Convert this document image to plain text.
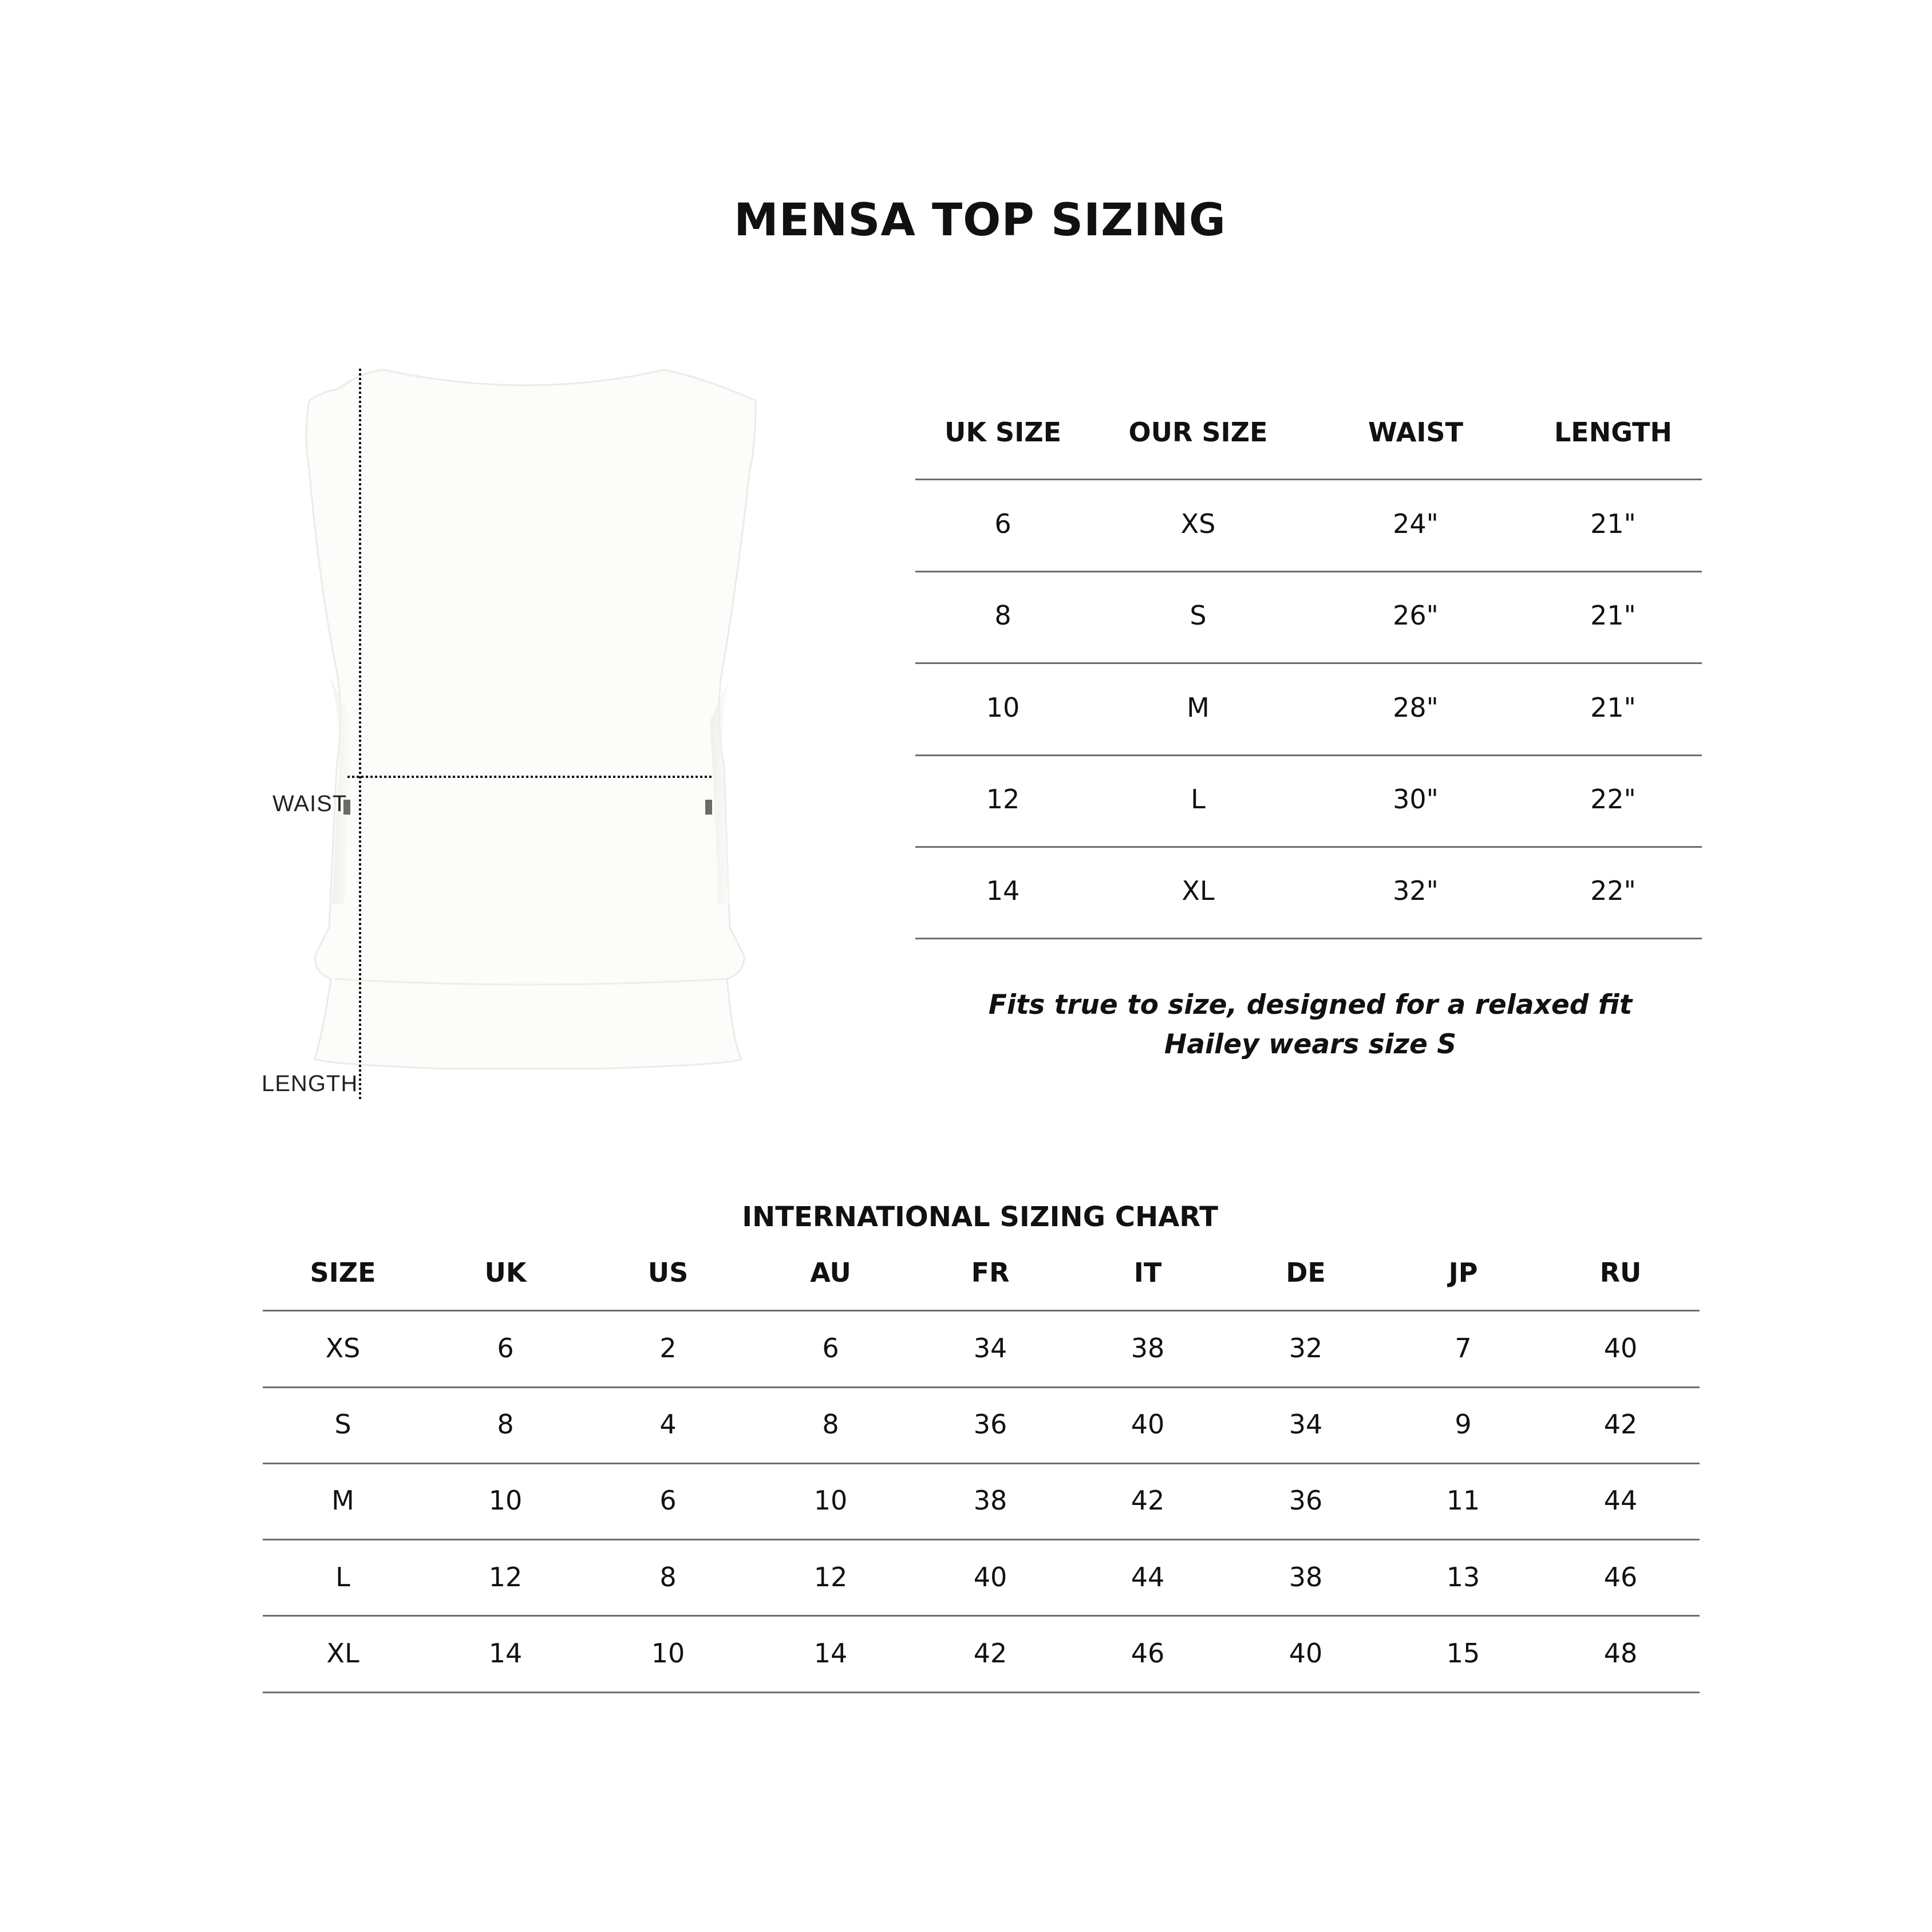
MENSA TOP SIZING
WAIST
LENGTH
UK SIZE	OUR SIZE	WAIST	LENGTH
6	XS	24"	21"
8	S	26"	21"
10	M	28"	21"
12	L	30"	22"
14	XL	32"	22"
Fits true to size, designed for a relaxed fit
Hailey wears size S
INTERNATIONAL SIZING CHART
SIZE	UK	US	AU	FR	IT	DE	JP	RU
XS	6	2	6	34	38	32	7	40
S	8	4	8	36	40	34	9	42
M	10	6	10	38	42	36	11	44
L	12	8	12	40	44	38	13	46
XL	14	10	14	42	46	40	15	48
